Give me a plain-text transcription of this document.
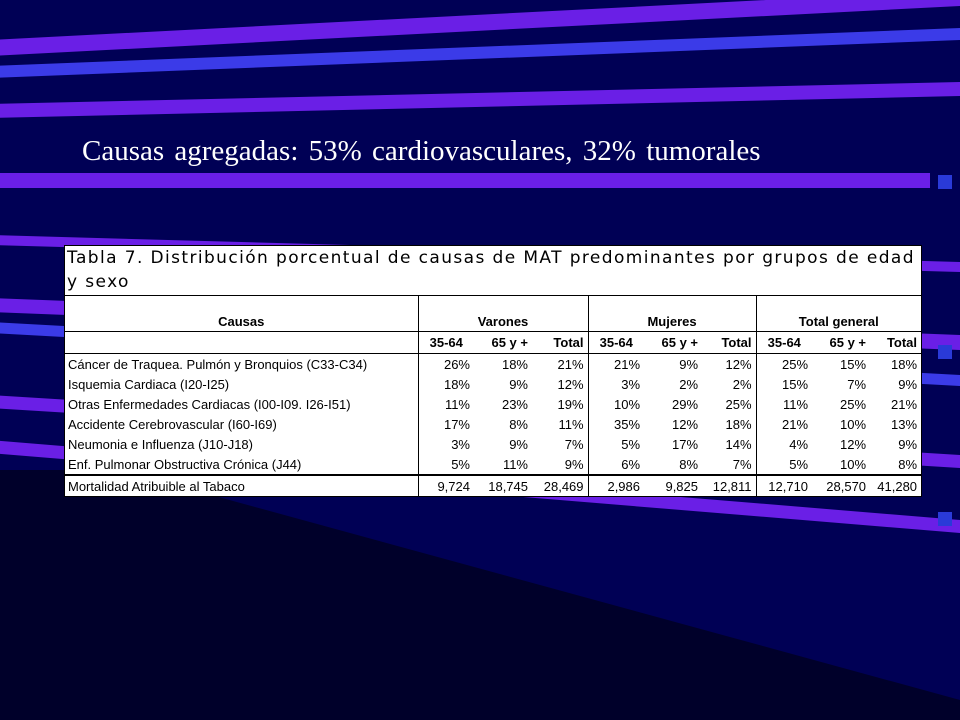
Causas agregadas: 53% cardiovasculares, 32% tumorales
Tabla 7. Distribución porcentual de causas de MAT predominantes por grupos de edad y sexo
Causas	Varones			Mujeres			Total general		
	35-64	65 y +	Total	35-64	65 y +	Total	35-64	65 y +	Total
Cáncer de Traquea. Pulmón y Bronquios (C33-C34)	26%	18%	21%	21%	9%	12%	25%	15%	18%
Isquemia Cardiaca (I20-I25)	18%	9%	12%	3%	2%	2%	15%	7%	9%
Otras Enfermedades Cardiacas (I00-I09. I26-I51)	11%	23%	19%	10%	29%	25%	11%	25%	21%
Accidente Cerebrovascular (I60-I69)	17%	8%	11%	35%	12%	18%	21%	10%	13%
Neumonia e Influenza (J10-J18)	3%	9%	7%	5%	17%	14%	4%	12%	9%
Enf. Pulmonar Obstructiva Crónica (J44)	5%	11%	9%	6%	8%	7%	5%	10%	8%
Mortalidad Atribuible al Tabaco	9,724	18,745	28,469	2,986	9,825	12,811	12,710	28,570	41,280
